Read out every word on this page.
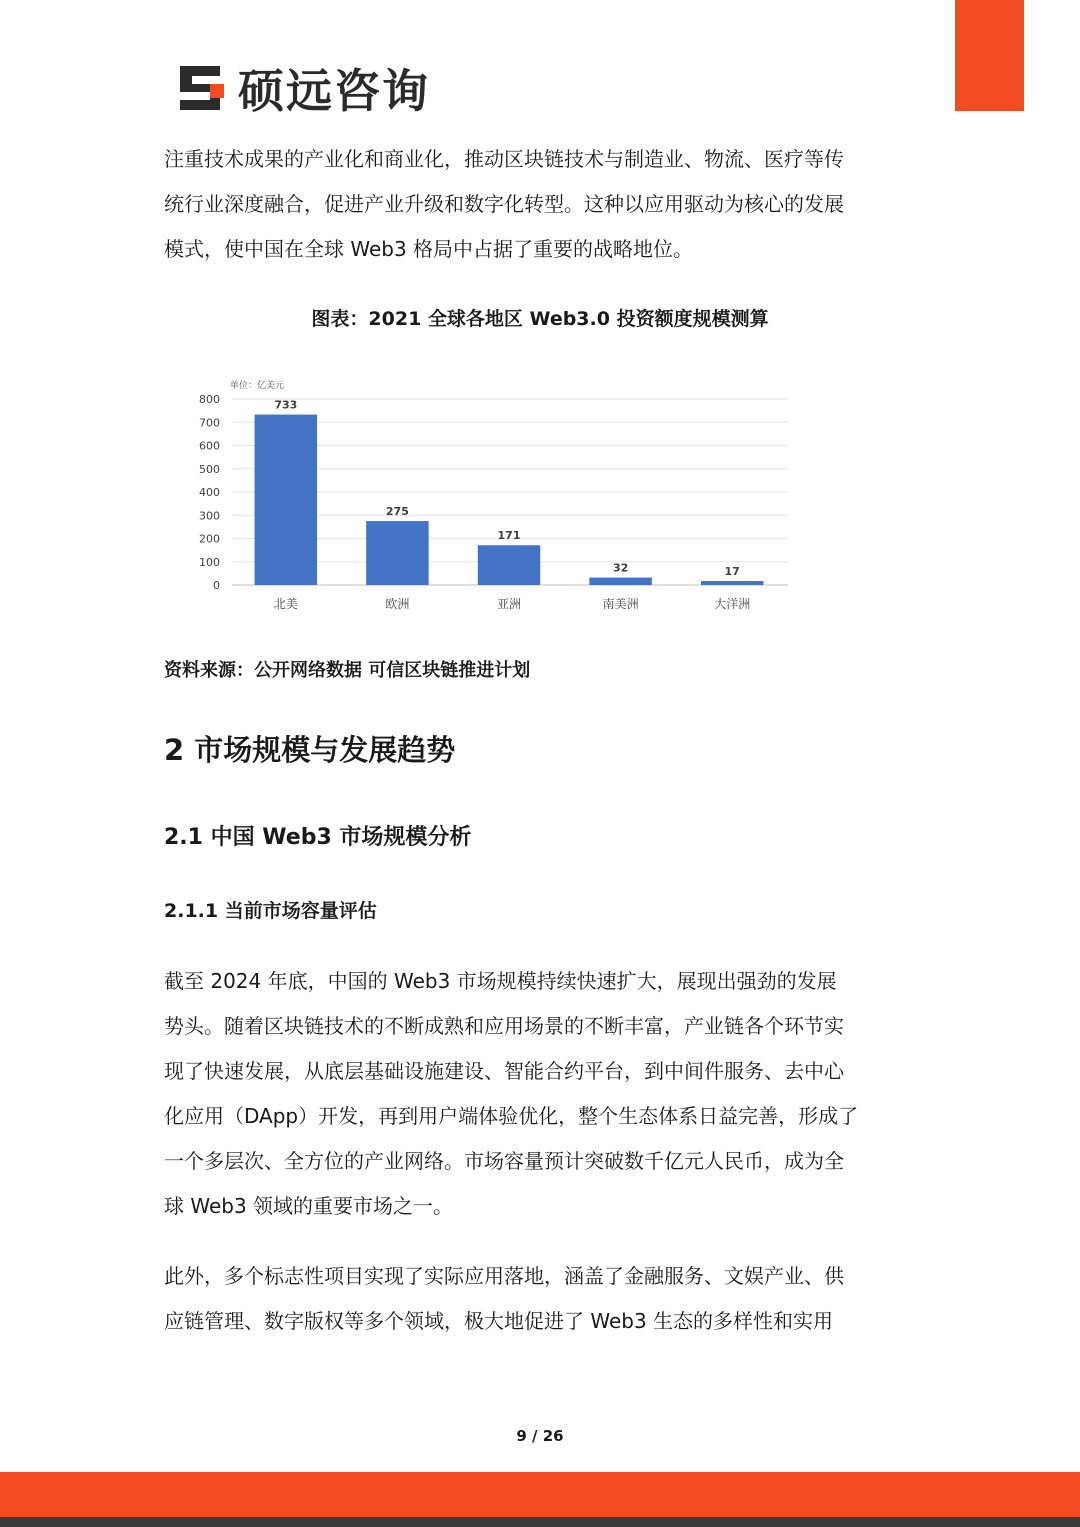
硕远咨询

注重技术成果的产业化和商业化，推动区块链技术与制造业、物流、医疗等传
统行业深度融合，促进产业升级和数字化转型。这种以应用驱动为核心的发展
模式，使中国在全球 Web3 格局中占据了重要的战略地位。

图表：2021 全球各地区 Web3.0 投资额度规模测算
单位：亿美元
0
100
200
300
400
500
600
700
800	733
北美
275
欧洲
171
亚洲
32
南美洲
17
大洋洲
资料来源：公开网络数据 可信区块链推进计划
2 市场规模与发展趋势
2.1 中国 Web3 市场规模分析
2.1.1 当前市场容量评估

截至 2024 年底，中国的 Web3 市场规模持续快速扩大，展现出强劲的发展
势头。随着区块链技术的不断成熟和应用场景的不断丰富，产业链各个环节实
现了快速发展，从底层基础设施建设、智能合约平台，到中间件服务、去中心
化应用（DApp）开发，再到用户端体验优化，整个生态体系日益完善，形成了
一个多层次、全方位的产业网络。市场容量预计突破数千亿元人民币，成为全
球 Web3 领域的重要市场之一。

此外，多个标志性项目实现了实际应用落地，涵盖了金融服务、文娱产业、供
应链管理、数字版权等多个领域，极大地促进了 Web3 生态的多样性和实用

9 / 26
